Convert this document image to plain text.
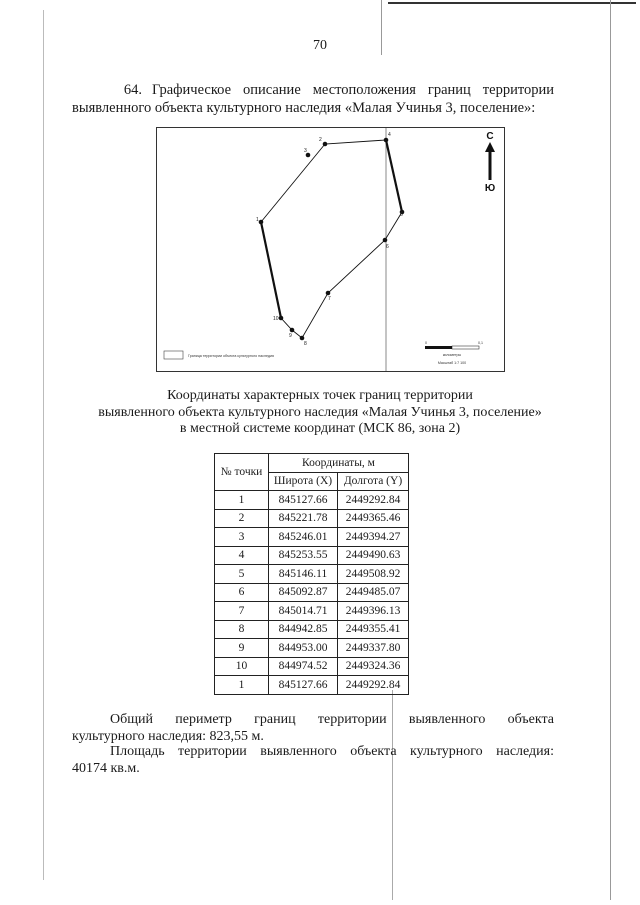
70
64. Графическое описание местоположения границ территории
выявленного объекта культурного наследия «Малая Учинья 3, поселение»:
1
2
3
4
5
6
7
8
9
10
С
Ю
Граница территории объекта культурного наследия
0	0,1
километры
Масштаб 1:7 100
Координаты характерных точек границ территории
выявленного объекта культурного наследия «Малая Учинья 3, поселение»
в местной системе координат (МСК 86, зона 2)
№ точки	Координаты, м	
	Широта (X)	Долгота (Y)
1	845127.66	2449292.84
2	845221.78	2449365.46
3	845246.01	2449394.27
4	845253.55	2449490.63
5	845146.11	2449508.92
6	845092.87	2449485.07
7	845014.71	2449396.13
8	844942.85	2449355.41
9	844953.00	2449337.80
10	844974.52	2449324.36
1	845127.66	2449292.84
Общий периметр границ территории выявленного объекта
культурного наследия: 823,55 м.
Площадь территории выявленного объекта культурного наследия:
40174 кв.м.
